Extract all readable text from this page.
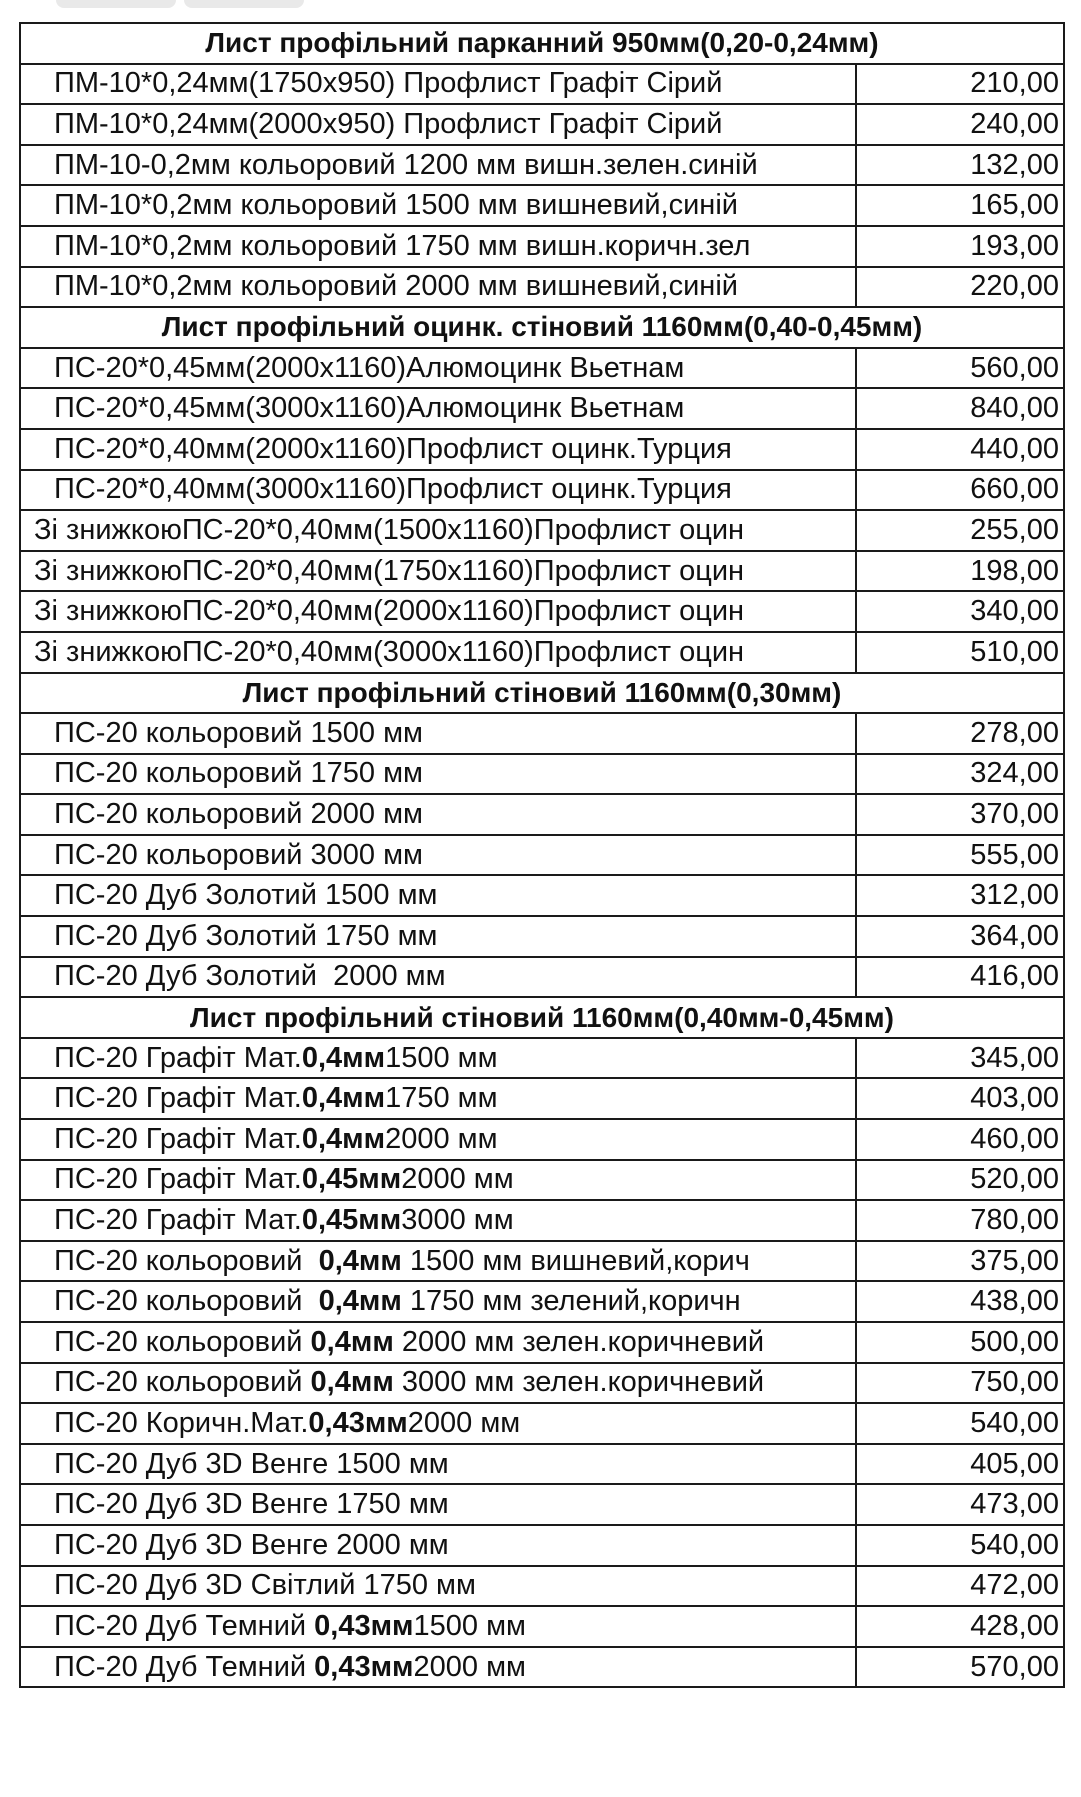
Лист профільний парканний 950мм(0,20-0,24мм)	
ПМ-10*0,24мм(1750х950) Профлист Графіт Сірий	210,00
ПМ-10*0,24мм(2000х950) Профлист Графіт Сірий	240,00
ПМ-10-0,2мм кольоровий 1200 мм вишн.зелен.синій	132,00
ПМ-10*0,2мм кольоровий 1500 мм вишневий,синій	165,00
ПМ-10*0,2мм кольоровий 1750 мм вишн.коричн.зел	193,00
ПМ-10*0,2мм кольоровий 2000 мм вишневий,синій	220,00
Лист профільний оцинк. стіновий 1160мм(0,40-0,45мм)	
ПС-20*0,45мм(2000х1160)Алюмоцинк Вьетнам	560,00
ПС-20*0,45мм(3000х1160)Алюмоцинк Вьетнам	840,00
ПС-20*0,40мм(2000х1160)Профлист оцинк.Турция	440,00
ПС-20*0,40мм(3000х1160)Профлист оцинк.Турция	660,00
Зі знижкоюПС-20*0,40мм(1500х1160)Профлист оцин	255,00
Зі знижкоюПС-20*0,40мм(1750х1160)Профлист оцин	198,00
Зі знижкоюПС-20*0,40мм(2000х1160)Профлист оцин	340,00
Зі знижкоюПС-20*0,40мм(3000х1160)Профлист оцин	510,00
Лист профільний стіновий 1160мм(0,30мм)	
ПС-20 кольоровий 1500 мм	278,00
ПС-20 кольоровий 1750 мм	324,00
ПС-20 кольоровий 2000 мм	370,00
ПС-20 кольоровий 3000 мм	555,00
ПС-20 Дуб Золотий 1500 мм	312,00
ПС-20 Дуб Золотий 1750 мм	364,00
ПС-20 Дуб Золотий  2000 мм	416,00
Лист профільний стіновий 1160мм(0,40мм-0,45мм)	
ПС-20 Графіт Мат.0,4мм1500 мм	345,00
ПС-20 Графіт Мат.0,4мм1750 мм	403,00
ПС-20 Графіт Мат.0,4мм2000 мм	460,00
ПС-20 Графіт Мат.0,45мм2000 мм	520,00
ПС-20 Графіт Мат.0,45мм3000 мм	780,00
ПС-20 кольоровий  0,4мм 1500 мм вишневий,корич	375,00
ПС-20 кольоровий  0,4мм 1750 мм зелений,коричн	438,00
ПС-20 кольоровий 0,4мм 2000 мм зелен.коричневий	500,00
ПС-20 кольоровий 0,4мм 3000 мм зелен.коричневий	750,00
ПС-20 Коричн.Мат.0,43мм2000 мм	540,00
ПС-20 Дуб 3D Венге 1500 мм	405,00
ПС-20 Дуб 3D Венге 1750 мм	473,00
ПС-20 Дуб 3D Венге 2000 мм	540,00
ПС-20 Дуб 3D Світлий 1750 мм	472,00
ПС-20 Дуб Темний 0,43мм1500 мм	428,00
ПС-20 Дуб Темний 0,43мм2000 мм	570,00
